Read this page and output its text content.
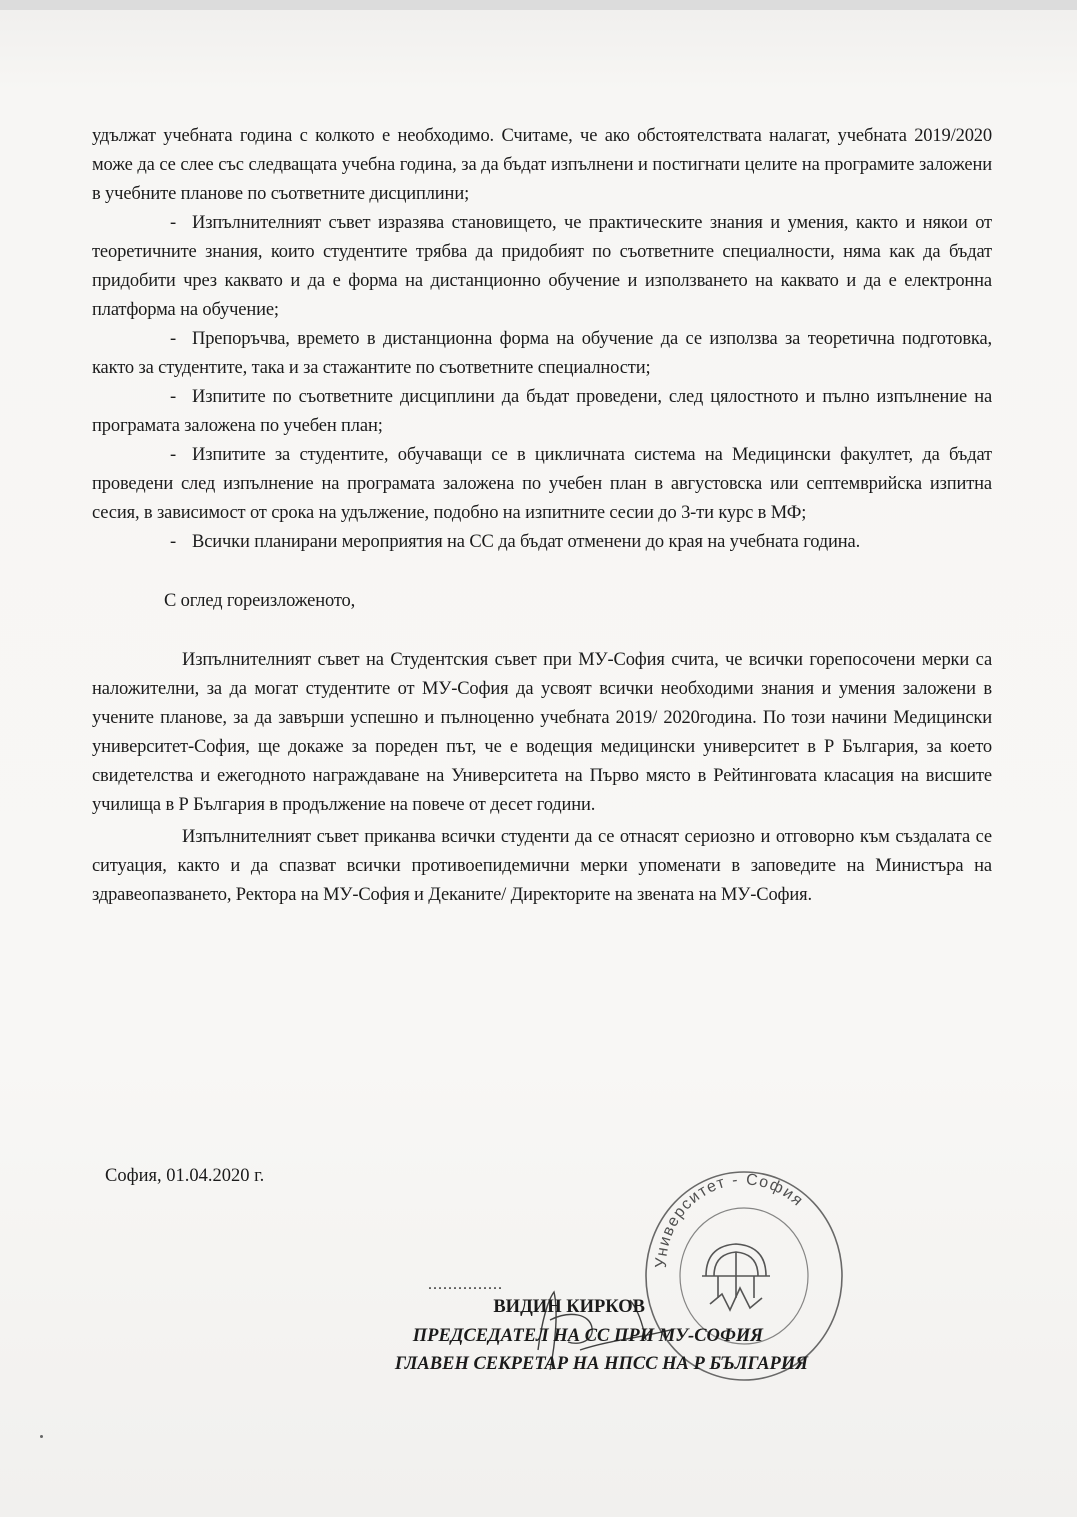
удължат учебната година с колкото е необходимо. Считаме, че ако обстоятелствата налагат, учебната 2019/2020 може да се слее със следващата учебна година, за да бъдат изпълнени и постигнати целите на програмите заложени в учебните планове по съответните дисциплини;

- Изпълнителният съвет изразява становището, че практическите знания и умения, както и някои от теоретичните знания, които студентите трябва да придобият по съответните специалности, няма как да бъдат придобити чрез каквато и да е форма на дистанционно обучение и използването на каквато и да е електронна платформа на обучение;

- Препоръчва, времето в дистанционна форма на обучение да се използва за теоретична подготовка, както за студентите, така и за стажантите по съответните специалности;

- Изпитите по съответните дисциплини да бъдат проведени, след цялостното и пълно изпълнение на програмата заложена по учебен план;

- Изпитите за студентите, обучаващи се в цикличната система на Медицински факултет, да бъдат проведени след изпълнение на програмата заложена по учебен план в августовска или септемврийска изпитна сесия, в зависимост от срока на удължение, подобно на изпитните сесии до 3-ти курс в МФ;

- Всички планирани мероприятия на СС да бъдат отменени до края на учебната година.

С оглед гореизложеното,

Изпълнителният съвет на Студентския съвет при МУ-София счита, че всички горепосочени мерки са наложителни, за да могат студентите от МУ-София да усвоят всички необходими знания и умения заложени в учените планове, за да завърши успешно и пълноценно учебната 2019/ 2020година. По този начини Медицински университет-София, ще докаже за пореден път, че е водещия медицински университет в Р България, за което свидетелства и ежегодното награждаване на Университета на Първо място в Рейтинговата класация на висшите училища в Р България в продължение на повече от десет години.

Изпълнителният съвет приканва всички студенти да се отнасят сериозно и отговорно към създалата се ситуация, както и да спазват всички противоепидемични мерки упоменати в заповедите на Министъра на здравеопазването, Ректора на МУ-София и Деканите/ Директорите на звената на МУ-София.

София, 01.04.2020 г.
Университет - София
...............
ВИДИН КИРКОВ
ПРЕДСЕДАТЕЛ НА СС ПРИ МУ-СОФИЯ
ГЛАВЕН СЕКРЕТАР НА НПСС НА Р БЪЛГАРИЯ
